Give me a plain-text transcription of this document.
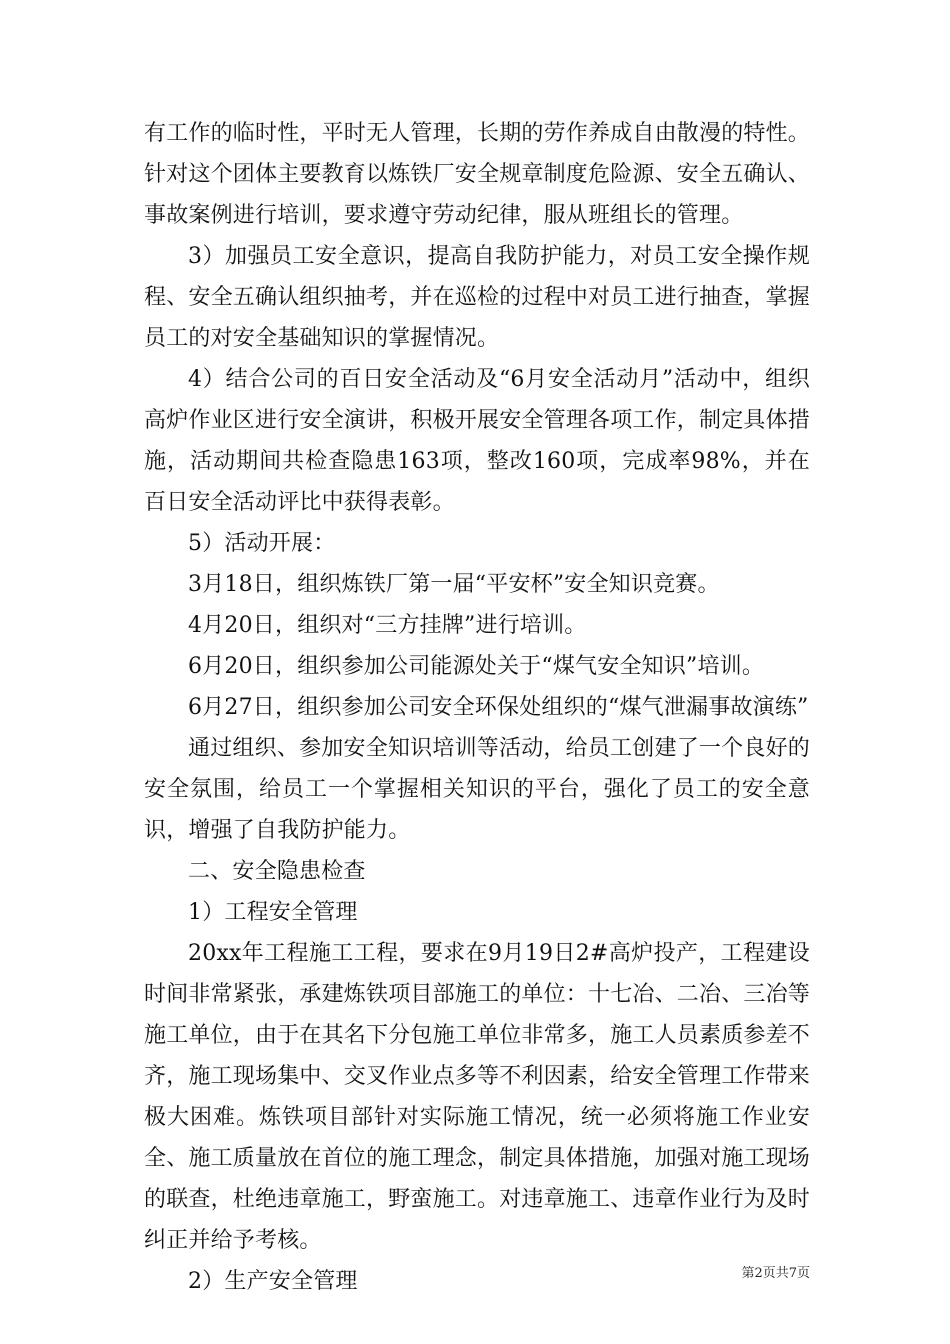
有工作的临时性，平时无人管理，长期的劳作养成自由散漫的特性。针对这个团体主要教育以炼铁厂安全规章制度危险源、安全五确认、事故案例进行培训，要求遵守劳动纪律，服从班组长的管理。

3）加强员工安全意识，提高自我防护能力，对员工安全操作规程、安全五确认组织抽考，并在巡检的过程中对员工进行抽查，掌握员工的对安全基础知识的掌握情况。

4）结合公司的百日安全活动及“6月安全活动月”活动中，组织高炉作业区进行安全演讲，积极开展安全管理各项工作，制定具体措施，活动期间共检查隐患163项，整改160项，完成率98%，并在百日安全活动评比中获得表彰。

5）活动开展：

3月18日，组织炼铁厂第一届“平安杯”安全知识竞赛。

4月20日，组织对“三方挂牌”进行培训。

6月20日，组织参加公司能源处关于“煤气安全知识”培训。

6月27日，组织参加公司安全环保处组织的“煤气泄漏事故演练”

通过组织、参加安全知识培训等活动，给员工创建了一个良好的安全氛围，给员工一个掌握相关知识的平台，强化了员工的安全意识，增强了自我防护能力。

二、安全隐患检查

1）工程安全管理

20xx年工程施工工程，要求在9月19日2#高炉投产，工程建设时间非常紧张，承建炼铁项目部施工的单位：十七冶、二冶、三冶等施工单位，由于在其名下分包施工单位非常多，施工人员素质参差不齐，施工现场集中、交叉作业点多等不利因素，给安全管理工作带来极大困难。炼铁项目部针对实际施工情况，统一必须将施工作业安全、施工质量放在首位的施工理念，制定具体措施，加强对施工现场的联查，杜绝违章施工，野蛮施工。对违章施工、违章作业行为及时纠正并给予考核。

2）生产安全管理	第2页共7页
